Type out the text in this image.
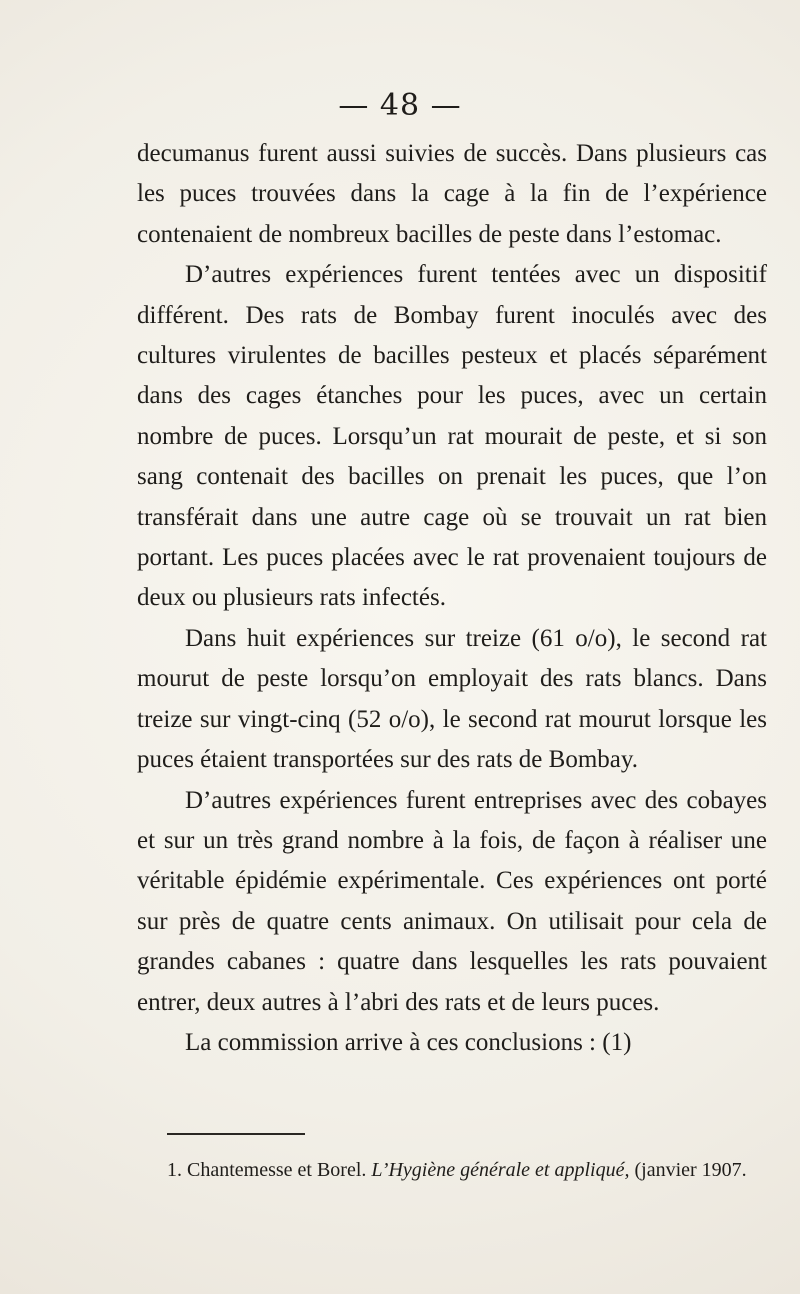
— 48 —

decumanus furent aussi suivies de succès. Dans plusieurs cas les puces trouvées dans la cage à la fin de l’expérience contenaient de nombreux bacilles de peste dans l’estomac.

D’autres expériences furent tentées avec un dispositif différent. Des rats de Bombay furent inoculés avec des cultures virulentes de bacilles pesteux et placés séparément dans des cages étanches pour les puces, avec un certain nombre de puces. Lorsqu’un rat mourait de peste, et si son sang contenait des bacilles on prenait les puces, que l’on transférait dans une autre cage où se trouvait un rat bien portant. Les puces placées avec le rat provenaient toujours de deux ou plusieurs rats infectés.

Dans huit expériences sur treize (61 o/o), le second rat mourut de peste lorsqu’on employait des rats blancs. Dans treize sur vingt-cinq (52 o/o), le second rat mourut lorsque les puces étaient transportées sur des rats de Bombay.

D’autres expériences furent entreprises avec des cobayes et sur un très grand nombre à la fois, de façon à réaliser une véritable épidémie expérimentale. Ces expériences ont porté sur près de quatre cents animaux. On utilisait pour cela de grandes cabanes : quatre dans lesquelles les rats pouvaient entrer, deux autres à l’abri des rats et de leurs puces.

La commission arrive à ces conclusions : (1)

1. Chantemesse et Borel. L’Hygiène générale et appliqué, (janvier 1907.
